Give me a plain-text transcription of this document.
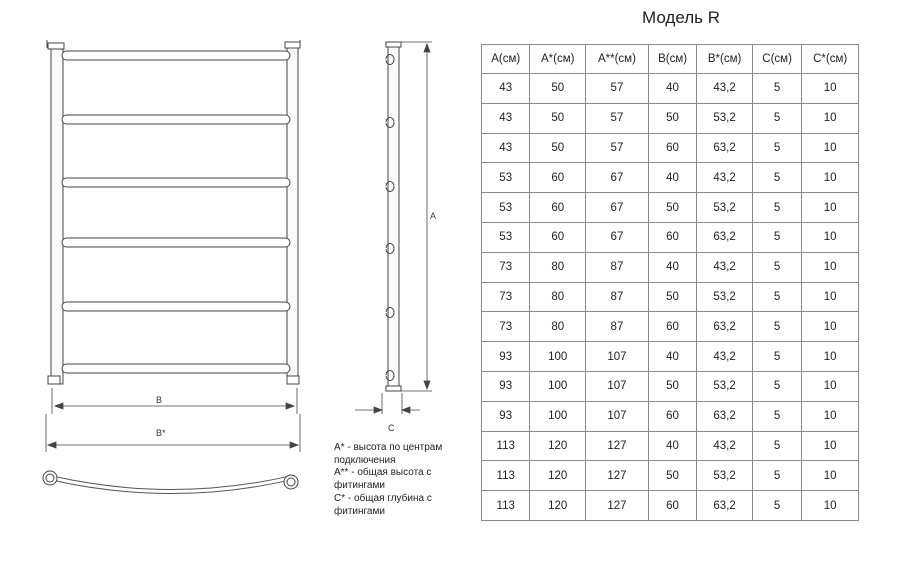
B
B*
A
C
A* - высота по центрам
подключения
A** - общая высота с
фитингами
C* - общая глубина с
фитингами
Модель R
A(см)	A*(см)	A**(см)	B(см)	B*(см)	C(см)	C*(см)
43	50	57	40	43,2	5	10
43	50	57	50	53,2	5	10
43	50	57	60	63,2	5	10
53	60	67	40	43,2	5	10
53	60	67	50	53,2	5	10
53	60	67	60	63,2	5	10
73	80	87	40	43,2	5	10
73	80	87	50	53,2	5	10
73	80	87	60	63,2	5	10
93	100	107	40	43,2	5	10
93	100	107	50	53,2	5	10
93	100	107	60	63,2	5	10
113	120	127	40	43,2	5	10
113	120	127	50	53,2	5	10
113	120	127	60	63,2	5	10
